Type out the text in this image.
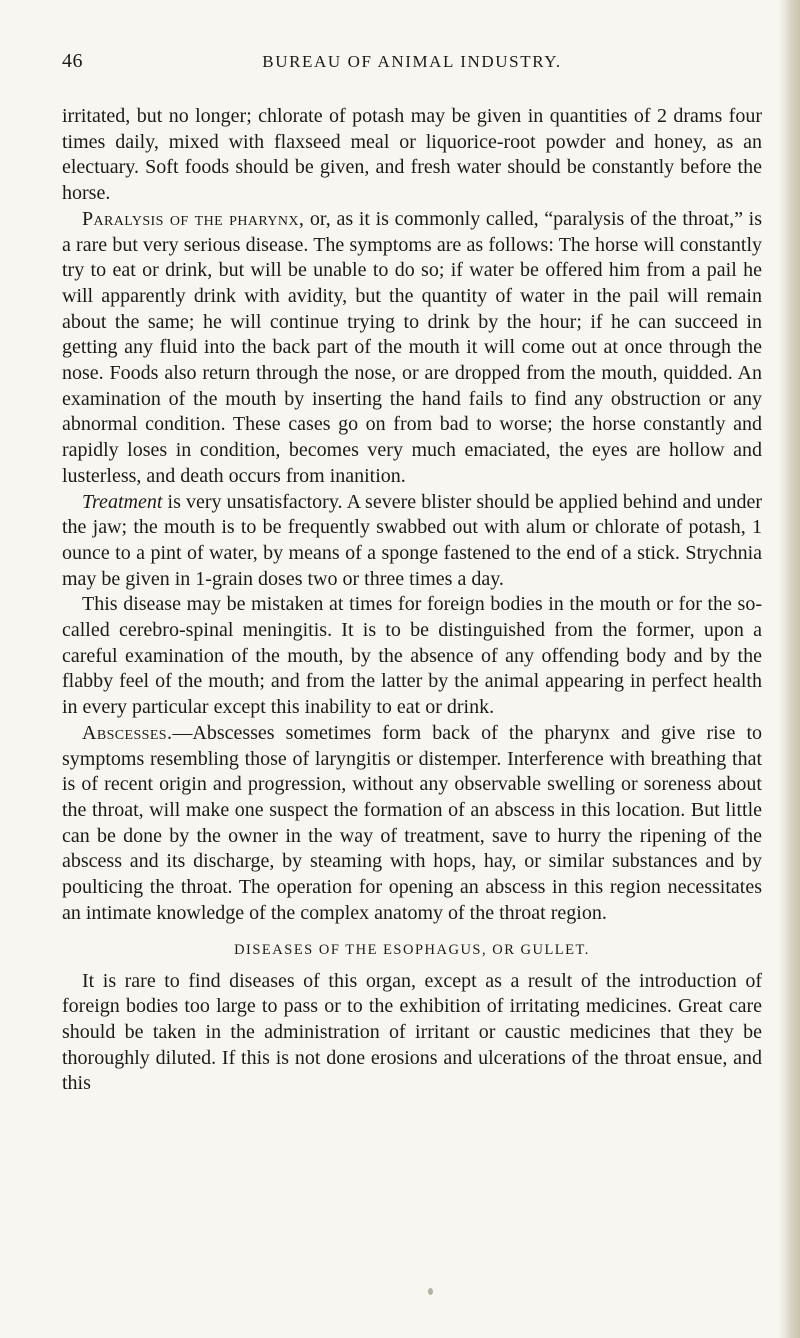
46	BUREAU OF ANIMAL INDUSTRY.

irritated, but no longer; chlorate of potash may be given in quantities of 2 drams four times daily, mixed with flaxseed meal or liquorice-root powder and honey, as an electuary. Soft foods should be given, and fresh water should be constantly before the horse.

Paralysis of the pharynx, or, as it is commonly called, “paralysis of the throat,” is a rare but very serious disease. The symptoms are as follows: The horse will constantly try to eat or drink, but will be unable to do so; if water be offered him from a pail he will apparently drink with avidity, but the quantity of water in the pail will remain about the same; he will continue trying to drink by the hour; if he can succeed in getting any fluid into the back part of the mouth it will come out at once through the nose. Foods also return through the nose, or are dropped from the mouth, quidded. An examination of the mouth by inserting the hand fails to find any obstruction or any abnormal condition. These cases go on from bad to worse; the horse constantly and rapidly loses in condition, becomes very much emaciated, the eyes are hollow and lusterless, and death occurs from inanition.

Treatment is very unsatisfactory. A severe blister should be applied behind and under the jaw; the mouth is to be frequently swabbed out with alum or chlorate of potash, 1 ounce to a pint of water, by means of a sponge fastened to the end of a stick. Strychnia may be given in 1-grain doses two or three times a day.

This disease may be mistaken at times for foreign bodies in the mouth or for the so-called cerebro-spinal meningitis. It is to be distinguished from the former, upon a careful examination of the mouth, by the absence of any offending body and by the flabby feel of the mouth; and from the latter by the animal appearing in perfect health in every particular except this inability to eat or drink.

Abscesses.—Abscesses sometimes form back of the pharynx and give rise to symptoms resembling those of laryngitis or distemper. Interference with breathing that is of recent origin and progression, without any observable swelling or soreness about the throat, will make one suspect the formation of an abscess in this location. But little can be done by the owner in the way of treatment, save to hurry the ripening of the abscess and its discharge, by steaming with hops, hay, or similar substances and by poulticing the throat. The operation for opening an abscess in this region necessitates an intimate knowledge of the complex anatomy of the throat region.

DISEASES OF THE ESOPHAGUS, OR GULLET.

It is rare to find diseases of this organ, except as a result of the introduction of foreign bodies too large to pass or to the exhibition of irritating medicines. Great care should be taken in the administration of irritant or caustic medicines that they be thoroughly diluted. If this is not done erosions and ulcerations of the throat ensue, and this
